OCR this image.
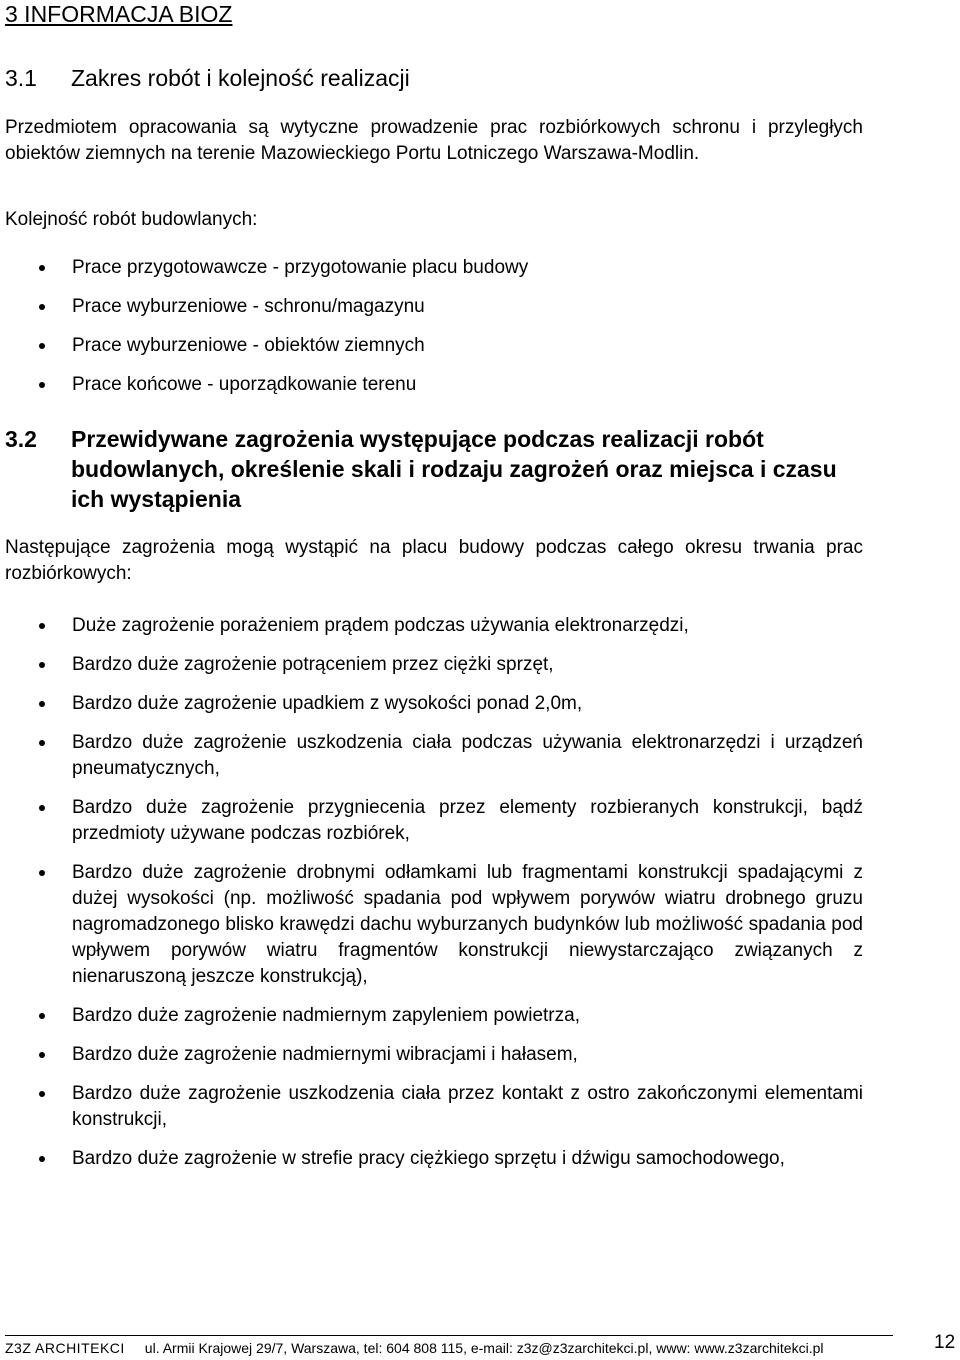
3 INFORMACJA BIOZ
3.1 Zakres robót i kolejność realizacji

Przedmiotem opracowania są wytyczne prowadzenie prac rozbiórkowych schronu i przyległych obiektów ziemnych na terenie Mazowieckiego Portu Lotniczego Warszawa-Modlin.

Kolejność robót budowlanych:

Prace przygotowawcze - przygotowanie placu budowy
Prace wyburzeniowe - schronu/magazynu
Prace wyburzeniowe - obiektów ziemnych
Prace końcowe - uporządkowanie terenu
3.2 Przewidywane zagrożenia występujące podczas realizacji robót budowlanych, określenie skali i rodzaju zagrożeń oraz miejsca i czasu ich wystąpienia

Następujące zagrożenia mogą wystąpić na placu budowy podczas całego okresu trwania prac rozbiórkowych:

Duże zagrożenie porażeniem prądem podczas używania elektronarzędzi,
Bardzo duże zagrożenie potrąceniem przez ciężki sprzęt,
Bardzo duże zagrożenie upadkiem z wysokości ponad 2,0m,
Bardzo duże zagrożenie uszkodzenia ciała podczas używania elektronarzędzi i urządzeń pneumatycznych,
Bardzo duże zagrożenie przygniecenia przez elementy rozbieranych konstrukcji, bądź przedmioty używane podczas rozbiórek,
Bardzo duże zagrożenie drobnymi odłamkami lub fragmentami konstrukcji spadającymi z dużej wysokości (np. możliwość spadania pod wpływem porywów wiatru drobnego gruzu nagromadzonego blisko krawędzi dachu wyburzanych budynków lub możliwość spadania pod wpływem porywów wiatru fragmentów konstrukcji niewystarczająco związanych z nienaruszoną jeszcze konstrukcją),
Bardzo duże zagrożenie nadmiernym zapyleniem powietrza,
Bardzo duże zagrożenie nadmiernymi wibracjami i hałasem,
Bardzo duże zagrożenie uszkodzenia ciała przez kontakt z ostro zakończonymi elementami konstrukcji,
Bardzo duże zagrożenie w strefie pracy ciężkiego sprzętu i dźwigu samochodowego,
Z3Z ARCHITEKCI ul. Armii Krajowej 29/7, Warszawa, tel: 604 808 115, e-mail: z3z@z3zarchitekci.pl, www: www.z3zarchitekci.pl	12
